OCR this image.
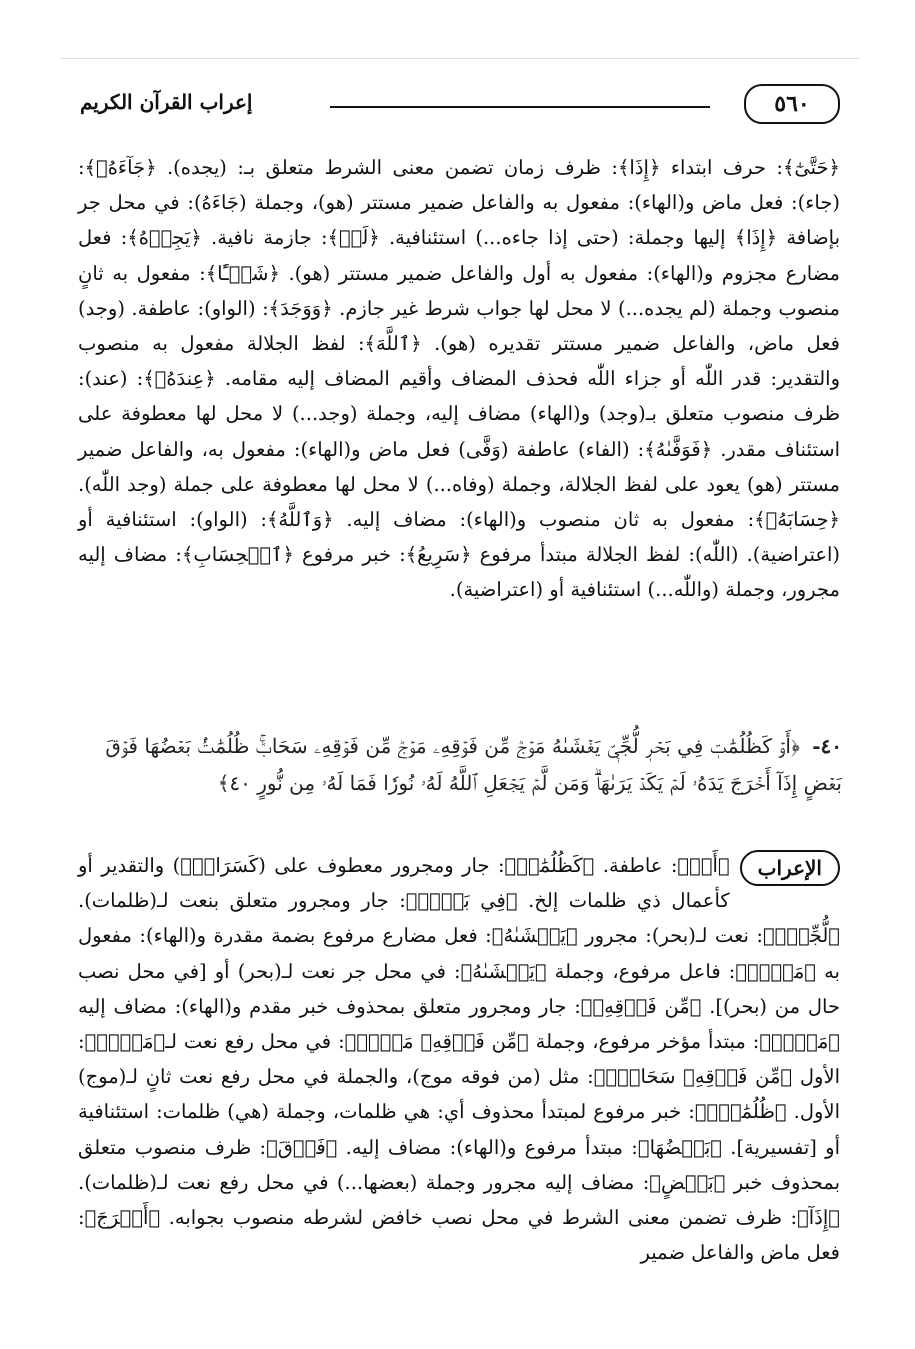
٥٦٠
إعراب القرآن الكريم
﴿حَتَّىٰٓ﴾: حرف ابتداء ﴿إِذَا﴾: ظرف زمان تضمن معنى الشرط متعلق بـ: (يجده). ﴿جَآءَهُۥ﴾: (جاء): فعل ماض و(الهاء): مفعول به والفاعل ضمير مستتر (هو)، وجملة (جَاءَهُ): في محل جر بإضافة ﴿إِذَا﴾ إليها وجملة: (حتى إذا جاءه...) استئنافية. ﴿لَمۡ﴾: جازمة نافية. ﴿يَجِدۡهُ﴾: فعل مضارع مجزوم و(الهاء): مفعول به أول والفاعل ضمير مستتر (هو). ﴿شَيۡـًٔا﴾: مفعول به ثانٍ منصوب وجملة (لم يجده...) لا محل لها جواب شرط غير جازم. ﴿وَوَجَدَ﴾: (الواو): عاطفة. (وجد) فعل ماض، والفاعل ضمير مستتر تقديره (هو). ﴿ٱللَّهَ﴾: لفظ الجلالة مفعول به منصوب والتقدير: قدر اللّٰه أو جزاء اللّٰه فحذف المضاف وأقيم المضاف إليه مقامه. ﴿عِندَهُۥ﴾: (عند): ظرف منصوب متعلق بـ(وجد) و(الهاء) مضاف إليه، وجملة (وجد...) لا محل لها معطوفة على استئناف مقدر. ﴿فَوَفَّىٰهُ﴾: (الفاء) عاطفة (وَفَّى) فعل ماض و(الهاء): مفعول به، والفاعل ضمير مستتر (هو) يعود على لفظ الجلالة، وجملة (وفاه...) لا محل لها معطوفة على جملة (وجد اللّٰه). ﴿حِسَابَهُۥ﴾: مفعول به ثان منصوب و(الهاء): مضاف إليه. ﴿وَٱللَّهُ﴾: (الواو): استئنافية أو (اعتراضية). (اللّٰه): لفظ الجلالة مبتدأ مرفوع ﴿سَرِيعُ﴾: خبر مرفوع ﴿ٱلۡحِسَابِ﴾: مضاف إليه مجرور، وجملة (واللّٰه...) استئنافية أو (اعتراضية).
٤٠- ﴿أَوۡ كَظُلُمَٰتٖ فِي بَحۡرٖ لُّجِّيّٖ يَغۡشَىٰهُ مَوۡجٞ مِّن فَوۡقِهِۦ مَوۡجٞ مِّن فَوۡقِهِۦ سَحَابٞۚ ظُلُمَٰتُۢ بَعۡضُهَا فَوۡقَ بَعۡضٍ إِذَآ أَخۡرَجَ يَدَهُۥ لَمۡ يَكَدۡ يَرَىٰهَاۗ وَمَن لَّمۡ يَجۡعَلِ ٱللَّهُ لَهُۥ نُورٗا فَمَا لَهُۥ مِن نُّورٍ ٤٠﴾
الإعراب
﴿أَوۡ﴾: عاطفة. ﴿كَظُلُمَٰتٖ﴾: جار ومجرور معطوف على (كَسَرَابِۭ) والتقدير أو كأعمال ذي ظلمات إلخ. ﴿فِي بَحۡرٖ﴾: جار ومجرور متعلق بنعت لـ(ظلمات). ﴿لُّجِّيّٖ﴾: نعت لـ(بحر): مجرور ﴿يَغۡشَىٰهُ﴾: فعل مضارع مرفوع بضمة مقدرة و(الهاء): مفعول به ﴿مَوۡجٞ﴾: فاعل مرفوع، وجملة ﴿يَغۡشَىٰهُ﴾: في محل جر نعت لـ(بحر) أو [في محل نصب حال من (بحر)]. ﴿مِّن فَوۡقِهِۦ﴾: جار ومجرور متعلق بمحذوف خبر مقدم و(الهاء): مضاف إليه ﴿مَوۡجٞ﴾: مبتدأ مؤخر مرفوع، وجملة ﴿مِّن فَوۡقِهِۦ مَوۡجٞ﴾: في محل رفع نعت لـ﴿مَوۡجٞ﴾: الأول ﴿مِّن فَوۡقِهِۦ سَحَابٞۚ﴾: مثل (من فوقه موج)، والجملة في محل رفع نعت ثانٍ لـ(موج) الأول. ﴿ظُلُمَٰتُۢ﴾: خبر مرفوع لمبتدأ محذوف أي: هي ظلمات، وجملة (هي) ظلمات: استئنافية أو [تفسيرية]. ﴿بَعۡضُهَا﴾: مبتدأ مرفوع و(الهاء): مضاف إليه. ﴿فَوۡقَ﴾: ظرف منصوب متعلق بمحذوف خبر ﴿بَعۡضٍ﴾: مضاف إليه مجرور وجملة (بعضها...) في محل رفع نعت لـ(ظلمات). ﴿إِذَآ﴾: ظرف تضمن معنى الشرط في محل نصب خافض لشرطه منصوب بجوابه. ﴿أَخۡرَجَ﴾: فعل ماض والفاعل ضمير
